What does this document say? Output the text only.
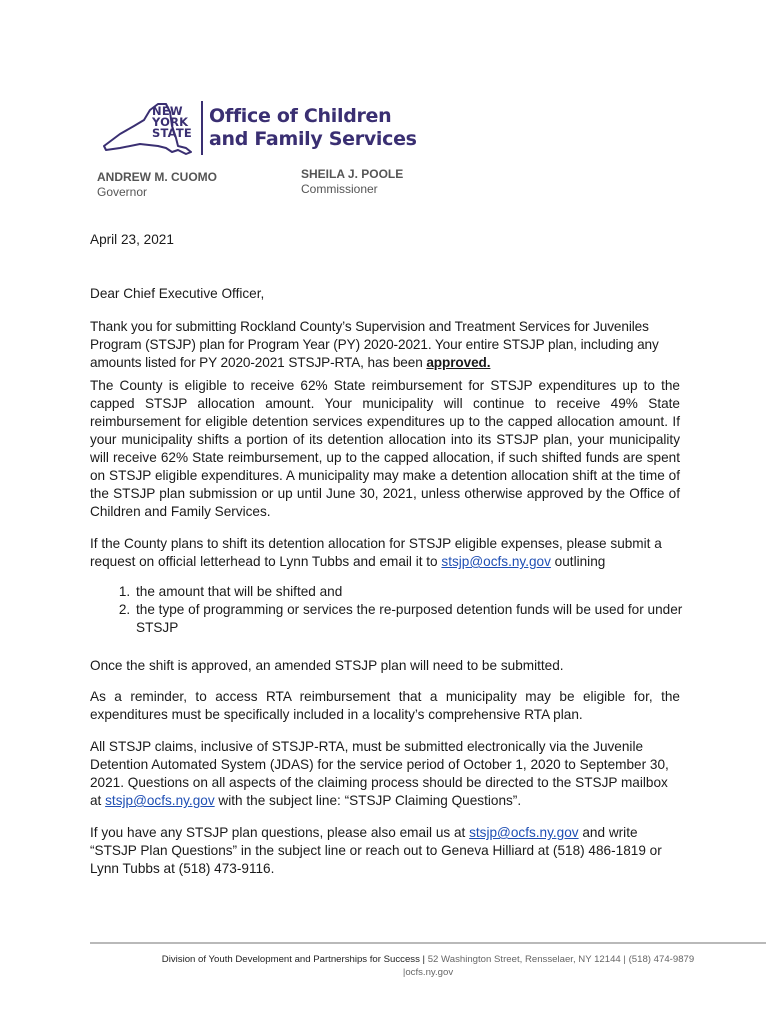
NEW
YORK
STATE
Office of Children
and Family Services
ANDREW M. CUOMO
Governor
SHEILA J. POOLE
Commissioner

April 23, 2021

Dear Chief Executive Officer,

Thank you for submitting Rockland County’s Supervision and Treatment Services for Juveniles Program (STSJP) plan for Program Year (PY) 2020-2021. Your entire STSJP plan, including any amounts listed for PY 2020-2021 STSJP-RTA, has been approved.

The County is eligible to receive 62% State reimbursement for STSJP expenditures up to the capped STSJP allocation amount. Your municipality will continue to receive 49% State reimbursement for eligible detention services expenditures up to the capped allocation amount. If your municipality shifts a portion of its detention allocation into its STSJP plan, your municipality will receive 62% State reimbursement, up to the capped allocation, if such shifted funds are spent on STSJP eligible expenditures. A municipality may make a detention allocation shift at the time of the STSJP plan submission or up until June 30, 2021, unless otherwise approved by the Office of Children and Family Services.

If the County plans to shift its detention allocation for STSJP eligible expenses, please submit a request on official letterhead to Lynn Tubbs and email it to stsjp@ocfs.ny.gov outlining

1. the amount that will be shifted and
2. the type of programming or services the re-purposed detention funds will be used for under STSJP

Once the shift is approved, an amended STSJP plan will need to be submitted.

As a reminder, to access RTA reimbursement that a municipality may be eligible for, the expenditures must be specifically included in a locality’s comprehensive RTA plan.

All STSJP claims, inclusive of STSJP-RTA, must be submitted electronically via the Juvenile Detention Automated System (JDAS) for the service period of October 1, 2020 to September 30, 2021. Questions on all aspects of the claiming process should be directed to the STSJP mailbox at stsjp@ocfs.ny.gov with the subject line: “STSJP Claiming Questions”.

If you have any STSJP plan questions, please also email us at stsjp@ocfs.ny.gov and write “STSJP Plan Questions” in the subject line or reach out to Geneva Hilliard at (518) 486-1819 or Lynn Tubbs at (518) 473-9116.

Division of Youth Development and Partnerships for Success | 52 Washington Street, Rensselaer, NY 12144 | (518) 474-9879
|ocfs.ny.gov
